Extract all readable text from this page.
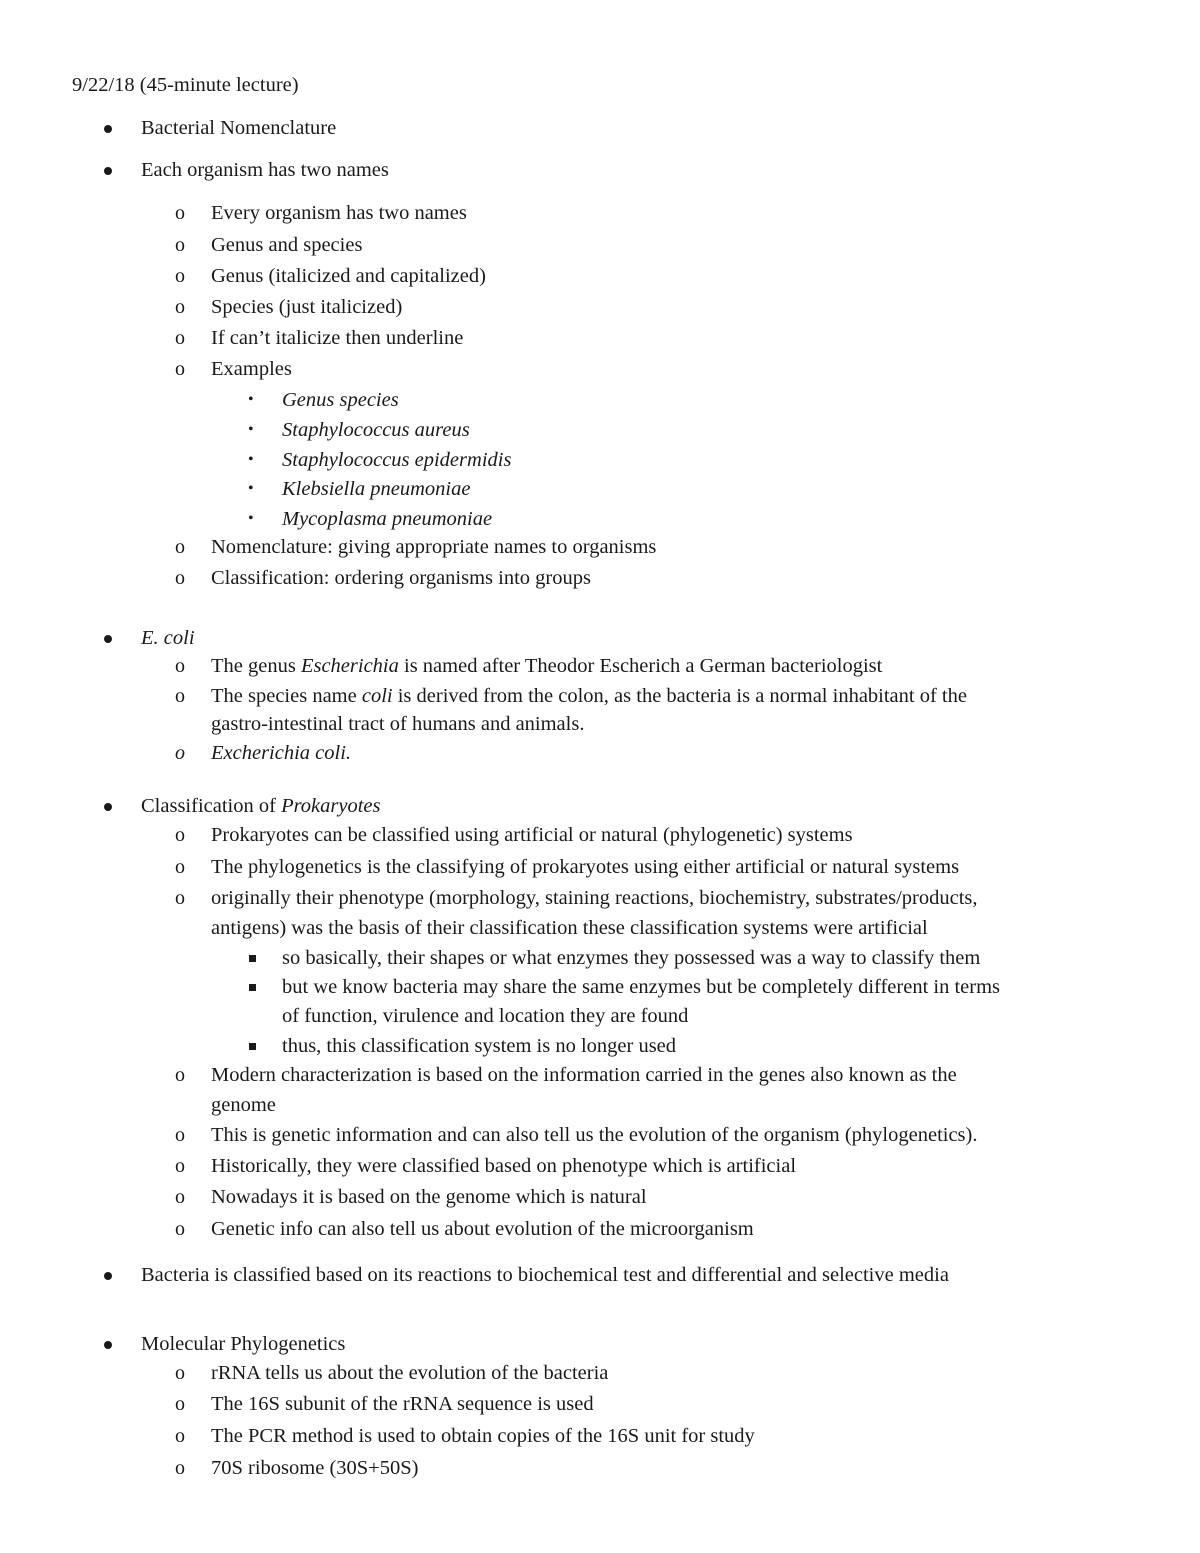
9/22/18 (45-minute lecture)
Bacterial Nomenclature
Each organism has two names
o Every organism has two names
o Genus and species
o Genus (italicized and capitalized)
o Species (just italicized)
o If can’t italicize then underline
o Examples
• Genus species
• Staphylococcus aureus
• Staphylococcus epidermidis
• Klebsiella pneumoniae
• Mycoplasma pneumoniae
o Nomenclature: giving appropriate names to organisms
o Classification: ordering organisms into groups
E. coli
o The genus Escherichia is named after Theodor Escherich a German bacteriologist
o The species name coli is derived from the colon, as the bacteria is a normal inhabitant of the
gastro-intestinal tract of humans and animals.
o Excherichia coli.
Classification of Prokaryotes
o Prokaryotes can be classified using artificial or natural (phylogenetic) systems
o The phylogenetics is the classifying of prokaryotes using either artificial or natural systems
o originally their phenotype (morphology, staining reactions, biochemistry, substrates/products,
antigens) was the basis of their classification these classification systems were artificial
so basically, their shapes or what enzymes they possessed was a way to classify them
but we know bacteria may share the same enzymes but be completely different in terms
of function, virulence and location they are found
thus, this classification system is no longer used
o Modern characterization is based on the information carried in the genes also known as the
genome
o This is genetic information and can also tell us the evolution of the organism (phylogenetics).
o Historically, they were classified based on phenotype which is artificial
o Nowadays it is based on the genome which is natural
o Genetic info can also tell us about evolution of the microorganism
Bacteria is classified based on its reactions to biochemical test and differential and selective media
Molecular Phylogenetics
o rRNA tells us about the evolution of the bacteria
o The 16S subunit of the rRNA sequence is used
o The PCR method is used to obtain copies of the 16S unit for study
o 70S ribosome (30S+50S)
